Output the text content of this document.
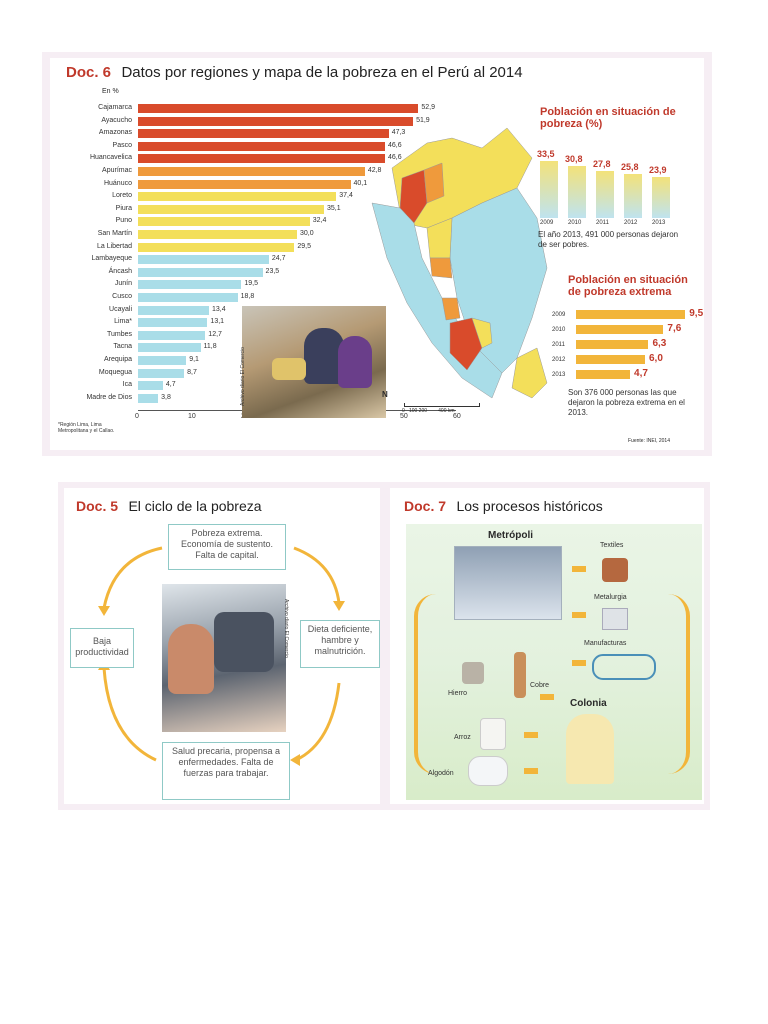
Doc. 6 Datos por regiones y mapa de la pobreza en el Perú al 2014
En %
Cajamarca	52,9
Ayacucho	51,9
Amazonas	47,3
Pasco	46,6
Huancavelica	46,6
Apurímac	42,8
Huánuco	40,1
Loreto	37,4
Piura	35,1
Puno	32,4
San Martín	30,0
La Libertad	29,5
Lambayeque	24,7
Áncash	23,5
Junín	19,5
Cusco	18,8
Ucayali	13,4
Lima*	13,1
Tumbes	12,7
Tacna	11,8
Arequipa	9,1
Moquegua	8,7
Ica	4,7
Madre de Dios	3,8
0	10	50	60
*Región Lima, Lima Metropolitana y el Callao.
Archivo diario El Comercio	N
0   100 200        400 km
Población en situación de pobreza (%)
33,5
2009
30,8
2010
27,8
2011
25,8
2012
23,9
2013
El año 2013, 491 000 personas dejaron de ser pobres.
Población en situación de pobreza extrema
2009	9,5
2010	7,6
2011	6,3
2012	6,0
2013	4,7
Son 376 000 personas las que dejaron la pobreza extrema en el 2013.
Fuente: INEI, 2014
Doc. 5 El ciclo de la pobreza
Pobreza extrema. Economía de sustento. Falta de capital.
Dieta deficiente, hambre y malnutrición.
Salud precaria, propensa a enfermedades. Falta de fuerzas para trabajar.
Baja productividad	Archivo diario El Comercio
Doc. 7 Los procesos históricos
Metrópoli
Colonia
Textiles
Metalurgia
Manufacturas
Hierro
Cobre
Arroz
Algodón
